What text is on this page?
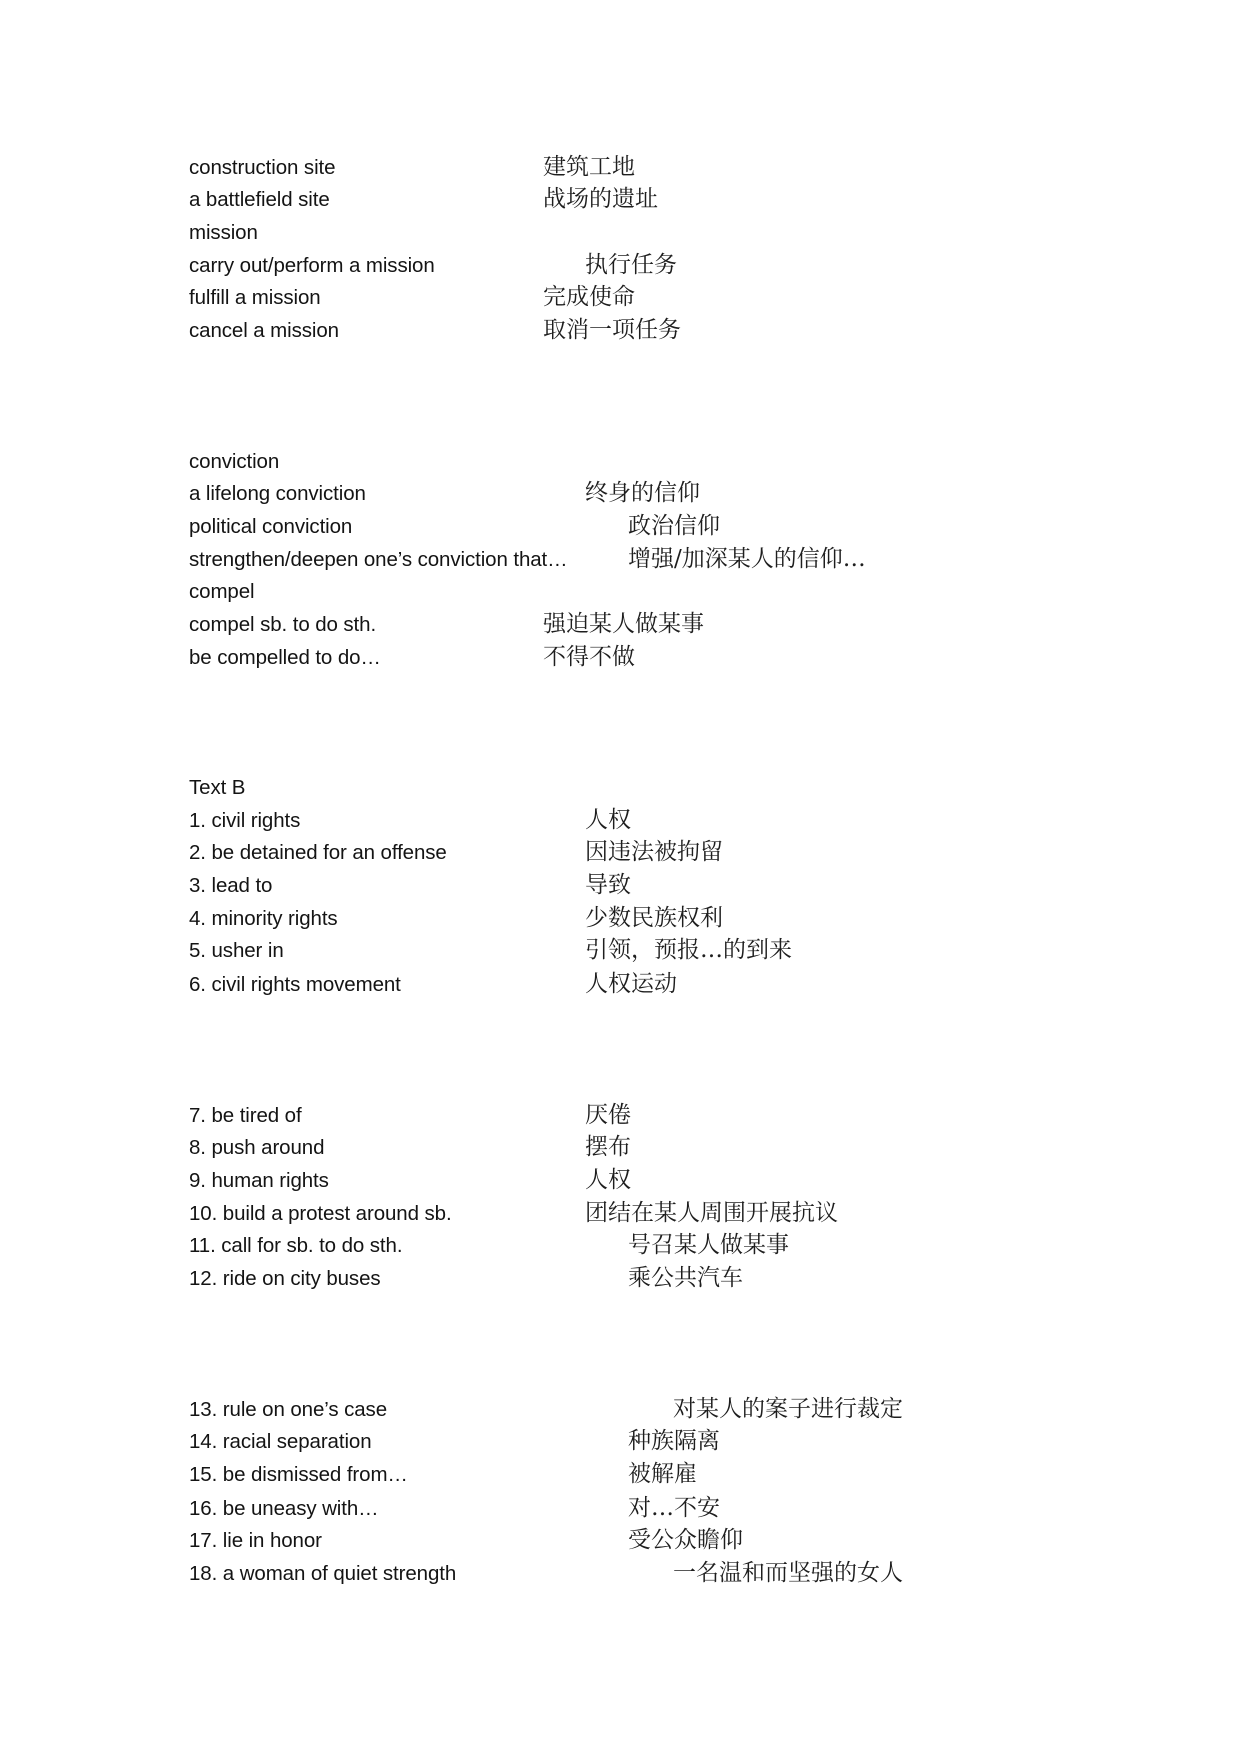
construction site	建筑工地
a battlefield site	战场的遗址
mission
carry out/perform a mission	执行任务
fulfill a mission	完成使命
cancel a mission	取消一项任务
conviction
a lifelong conviction	终身的信仰
political conviction	政治信仰
strengthen/deepen one’s conviction that…	增强/加深某人的信仰…
compel
compel sb. to do sth.	强迫某人做某事
be compelled to do…	不得不做
Text B
1. civil rights	人权
2. be detained for an offense	因违法被拘留
3. lead to	导致
4. minority rights	少数民族权利
5. usher in	引领，预报…的到来
6. civil rights movement	人权运动
7. be tired of	厌倦
8. push around	摆布
9. human rights	人权
10. build a protest around sb.	团结在某人周围开展抗议
11. call for sb. to do sth.	号召某人做某事
12. ride on city buses	乘公共汽车
13. rule on one’s case	对某人的案子进行裁定
14. racial separation	种族隔离
15. be dismissed from…	被解雇
16. be uneasy with…	对…不安
17. lie in honor	受公众瞻仰
18. a woman of quiet strength	一名温和而坚强的女人
